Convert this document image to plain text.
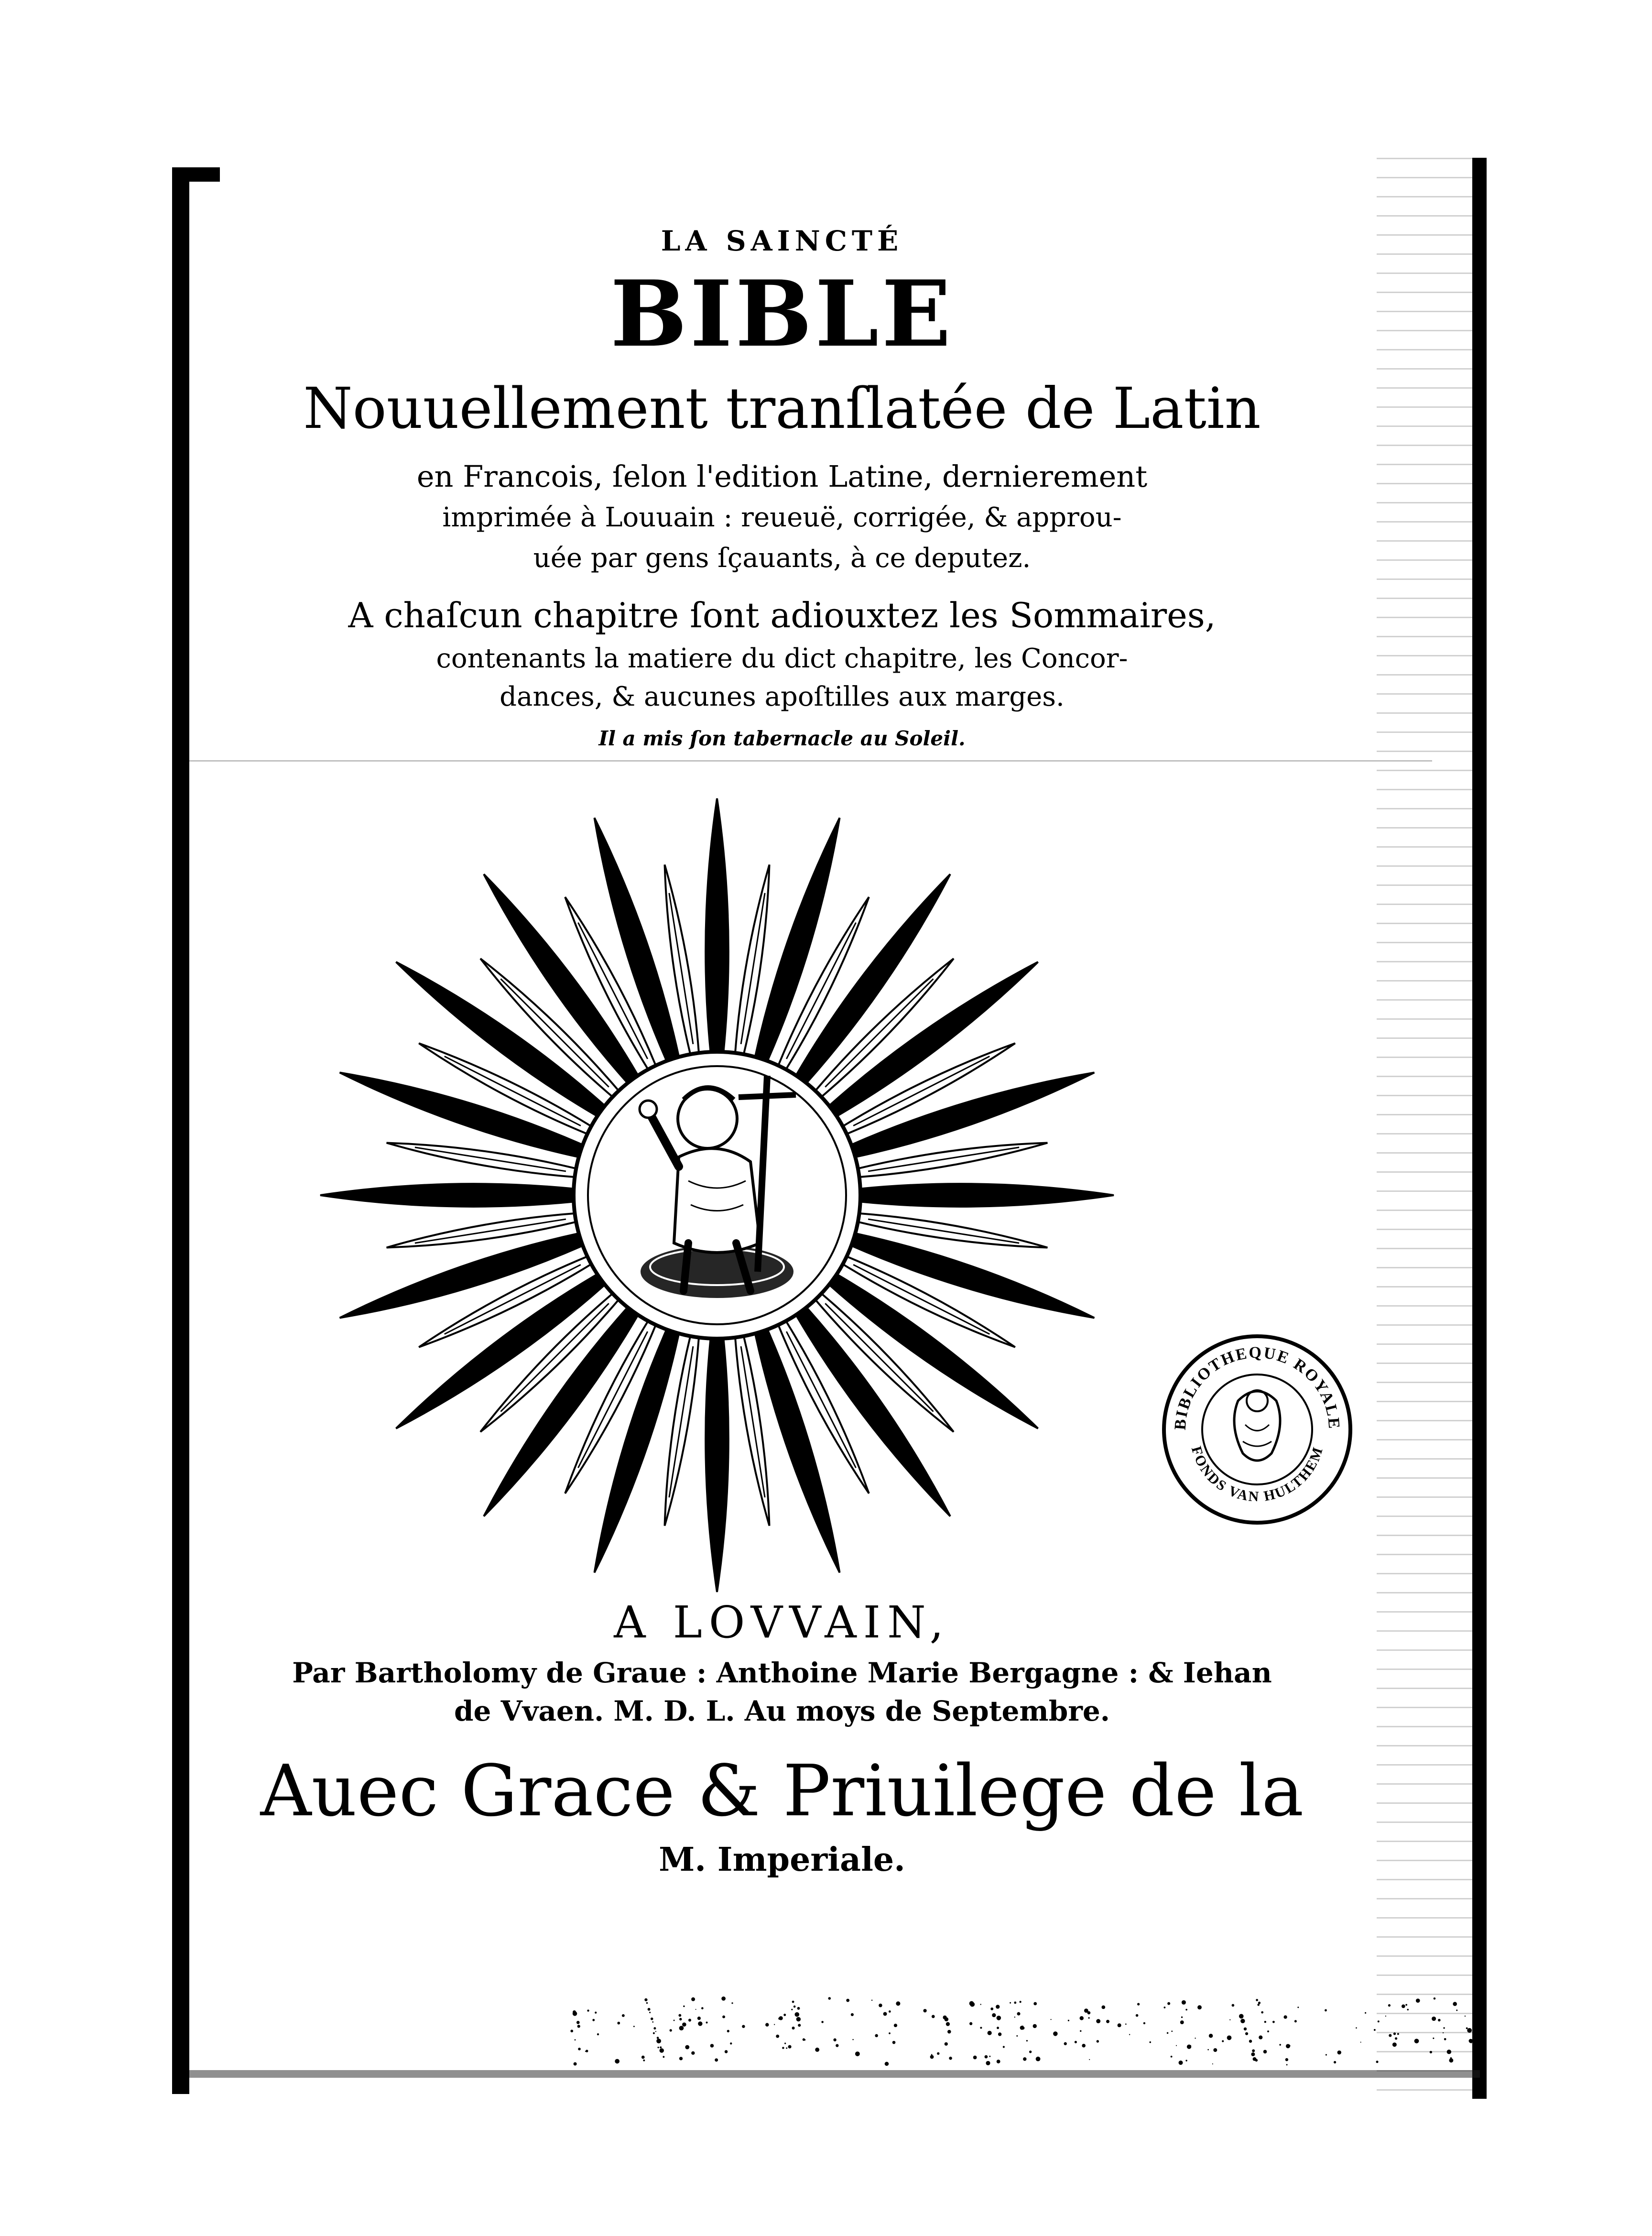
LA SAINCTÉ

BIBLE

Nouuellement tranſlatée de Latin

en Francois, ſelon l'edition Latine, dernierement

imprimée à Louuain : reueuë, corrigée, & approu-

uée par gens ſçauants, à ce deputez.

A chaſcun chapitre ſont adiouxtez les Sommaires,

contenants la matiere du dict chapitre, les Concor-

dances, & aucunes apoſtilles aux marges.

Il a mis ſon tabernacle au Soleil.

BIBLIOTHEQUE ROYALE
FONDS VAN HULTHEM

A LOVVAIN,

Par Bartholomy de Graue : Anthoine Marie Bergagne : & Iehan

de Vvaen. M. D. L. Au moys de Septembre.

Auec Grace & Priuilege de la

M. Imperiale.
